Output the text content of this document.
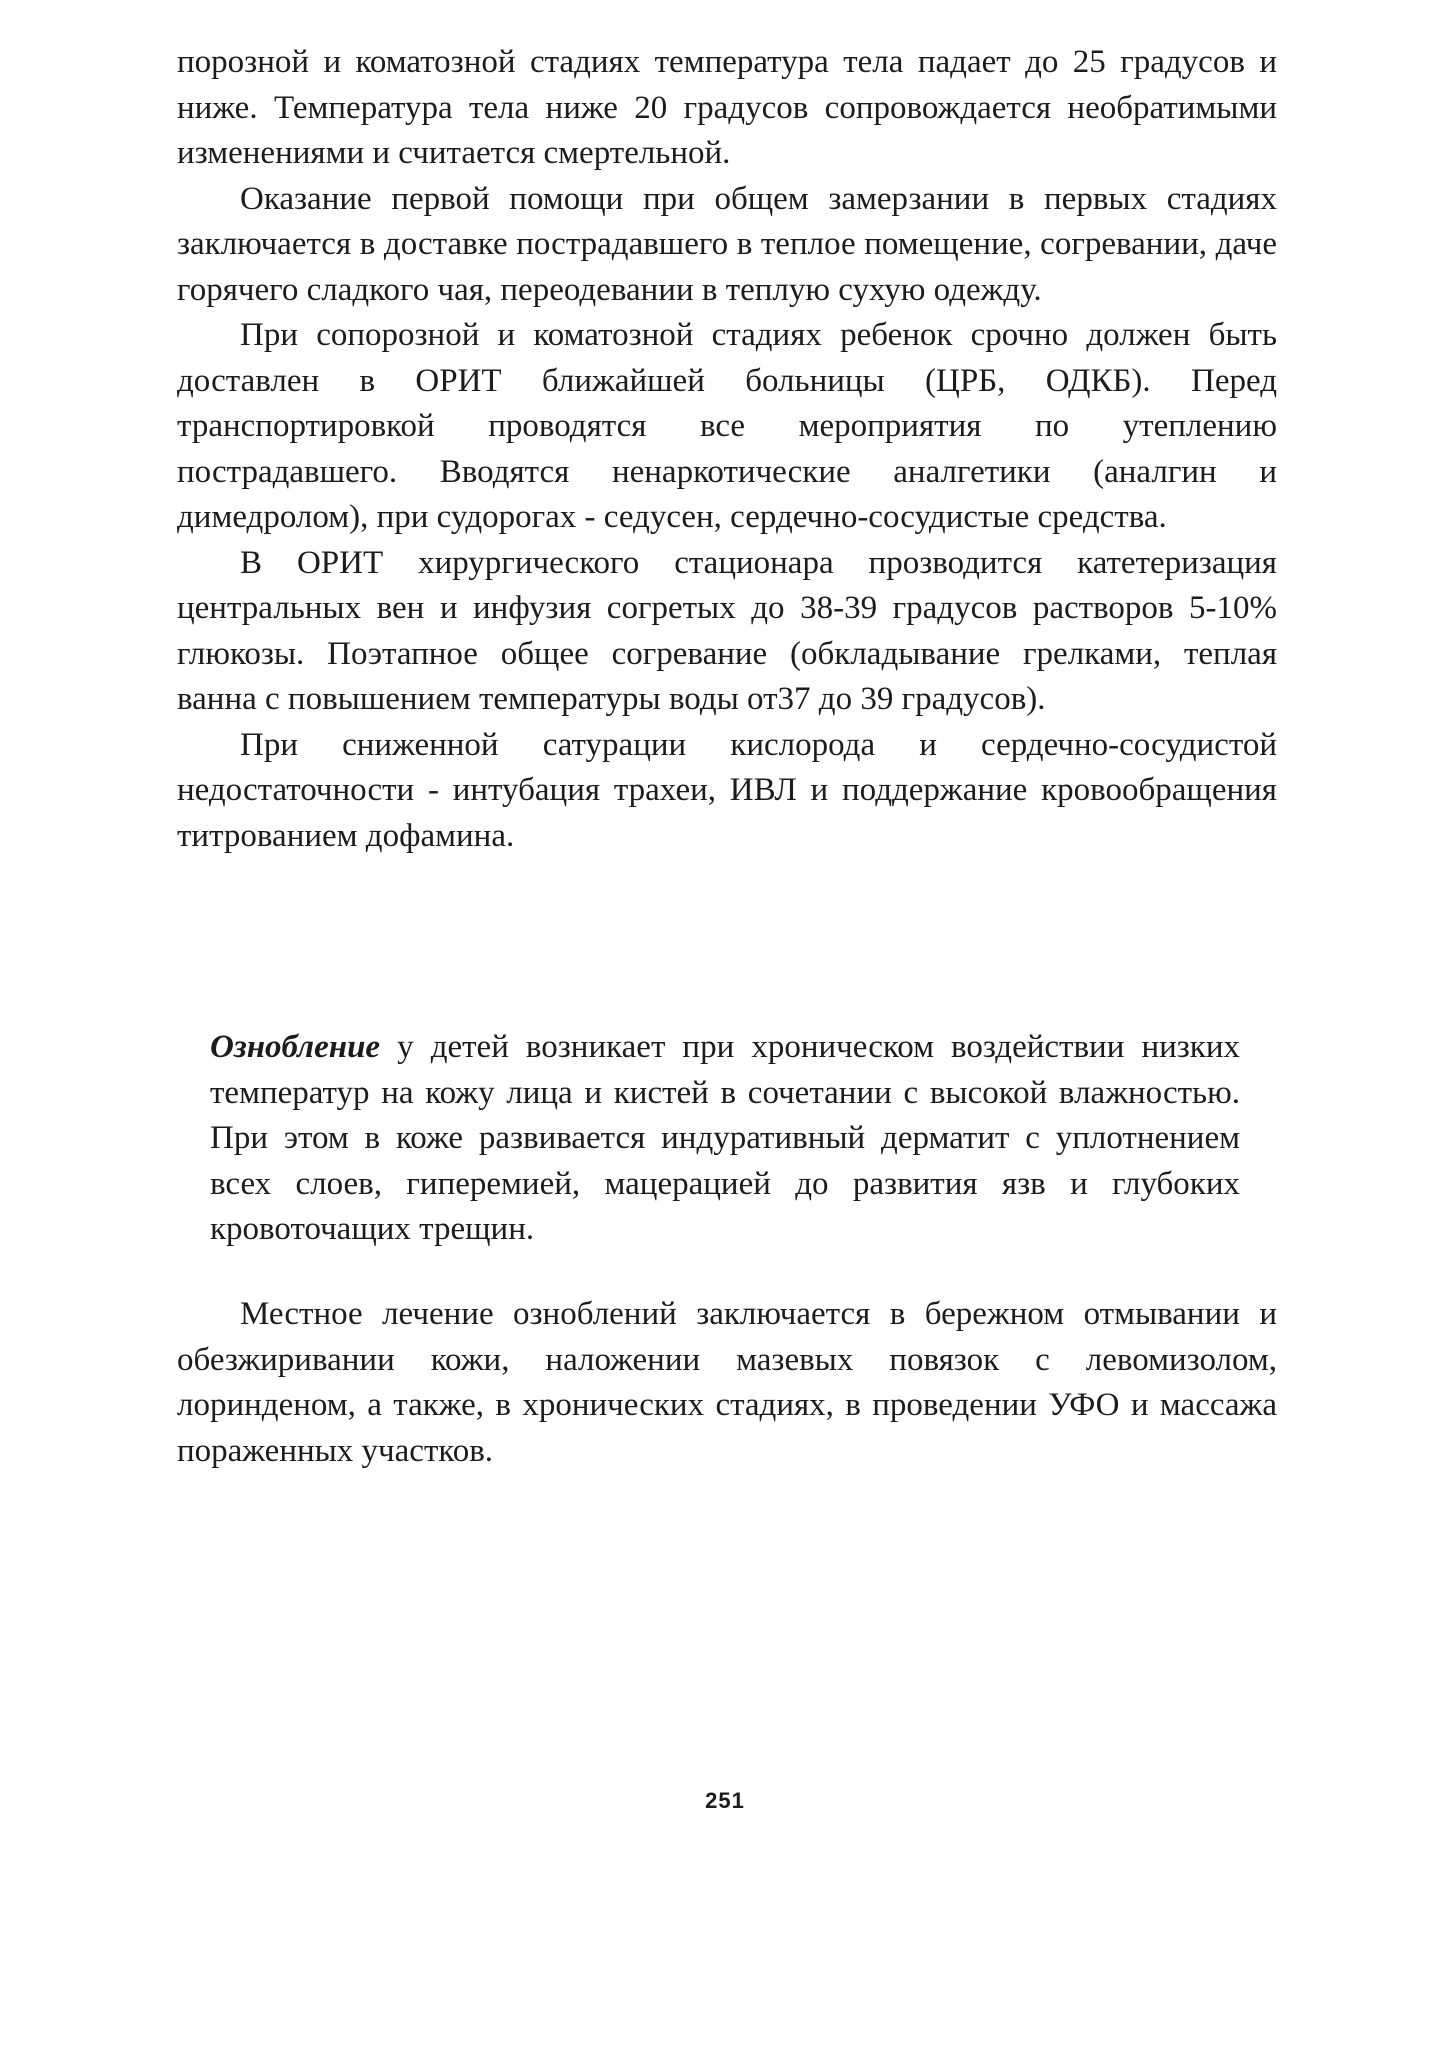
порозной и коматозной стадиях температура тела падает до 25 градусов и ниже. Температура тела ниже 20 градусов сопровождается необратимыми изменениями и считается смертельной.

Оказание первой помощи при общем замерзании в первых стадиях заключается в доставке пострадавшего в теплое помещение, согревании, даче горячего сладкого чая, переодевании в теплую сухую одежду.

При сопорозной и коматозной стадиях ребенок срочно должен быть доставлен в ОРИТ ближайшей больницы (ЦРБ, ОДКБ). Перед транспортировкой проводятся все мероприятия по утеплению пострадавшего. Вводятся ненаркотические аналгетики (аналгин и димедролом), при судорогах - седусен, сердечно-сосудистые средства.

В ОРИТ хирургического стационара прозводится катетеризация центральных вен и инфузия согретых до 38-39 градусов растворов 5-10% глюкозы. Поэтапное общее согревание (обкладывание грелками, теплая ванна с повышением температуры воды от37 до 39 градусов).

При сниженной сатурации кислорода и сердечно-сосудистой недостаточности - интубация трахеи, ИВЛ и поддержание кровообращения титрованием дофамина.

Ознобление у детей возникает при хроническом воздействии низких температур на кожу лица и кистей в сочетании с высокой влажностью. При этом в коже развивается индуративный дерматит с уплотнением всех слоев, гиперемией, мацерацией до развития язв и глубоких кровоточащих трещин.

Местное лечение озноблений заключается в бережном отмывании и обезжиривании кожи, наложении мазевых повязок с левомизолом, лоринденом, а также, в хронических стадиях, в проведении УФО и массажа пораженных участков.

251
